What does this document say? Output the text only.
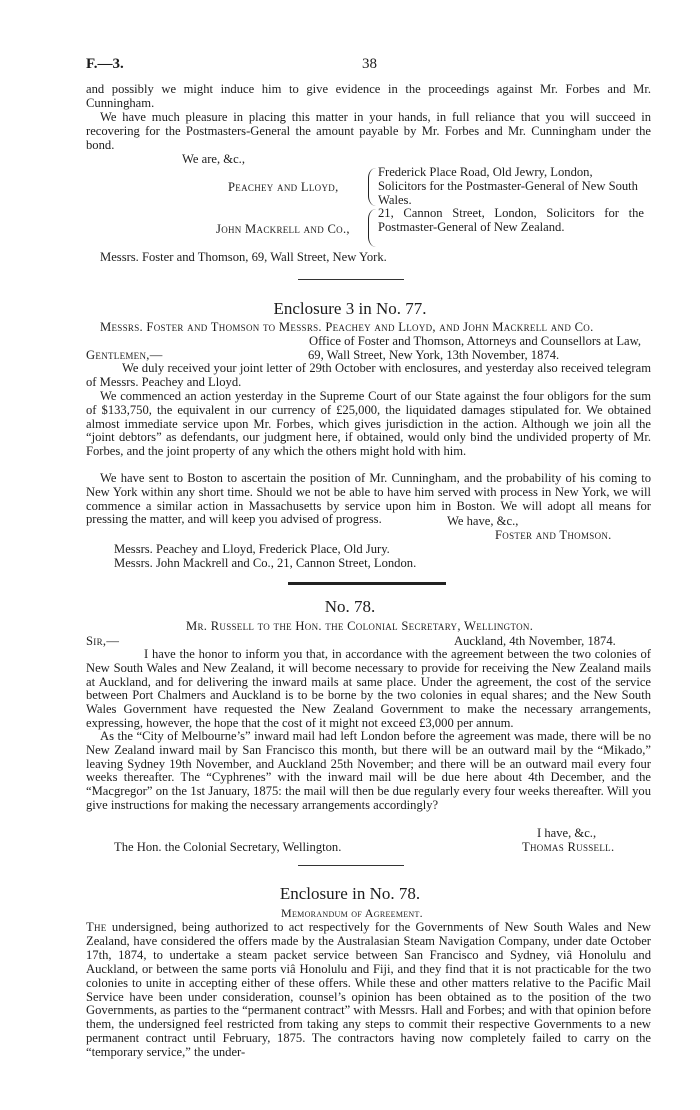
F.—3.	38
and possibly we might induce him to give evidence in the proceedings against Mr. Forbes and Mr. Cunningham.
We have much pleasure in placing this matter in your hands, in full reliance that you will succeed in recovering for the Postmasters-General the amount payable by Mr. Forbes and Mr. Cunningham under the bond.
We are, &c.,
Peachey and Lloyd,
Frederick Place Road, Old Jewry, London, Solicitors for the Postmaster-General of New South Wales.
John Mackrell and Co.,
21, Cannon Street, London, Solicitors for the Postmaster-General of New Zealand.
Messrs. Foster and Thomson, 69, Wall Street, New York.
Enclosure 3 in No. 77.
Messrs. Foster and Thomson to Messrs. Peachey and Lloyd, and John Mackrell and Co.
Office of Foster and Thomson, Attorneys and Counsellors at Law,
Gentlemen,—	69, Wall Street, New York, 13th November, 1874.
We duly received your joint letter of 29th October with enclosures, and yesterday also received telegram of Messrs. Peachey and Lloyd.
We commenced an action yesterday in the Supreme Court of our State against the four obligors for the sum of $133,750, the equivalent in our currency of £25,000, the liquidated damages stipulated for. We obtained almost immediate service upon Mr. Forbes, which gives jurisdiction in the action. Although we join all the “joint debtors” as defendants, our judgment here, if obtained, would only bind the undivided property of Mr. Forbes, and the joint property of any which the others might hold with him.
We have sent to Boston to ascertain the position of Mr. Cunningham, and the probability of his coming to New York within any short time. Should we not be able to have him served with process in New York, we will commence a similar action in Massachusetts by service upon him in Boston. We will adopt all means for pressing the matter, and will keep you advised of progress.	We have, &c.,
Foster and Thomson.
Messrs. Peachey and Lloyd, Frederick Place, Old Jury.
Messrs. John Mackrell and Co., 21, Cannon Street, London.
No. 78.
Mr. Russell to the Hon. the Colonial Secretary, Wellington.
Sir,—	Auckland, 4th November, 1874.
I have the honor to inform you that, in accordance with the agreement between the two colonies of New South Wales and New Zealand, it will become necessary to provide for receiving the New Zealand mails at Auckland, and for delivering the inward mails at same place. Under the agreement, the cost of the service between Port Chalmers and Auckland is to be borne by the two colonies in equal shares; and the New South Wales Government have requested the New Zealand Government to make the necessary arrangements, expressing, however, the hope that the cost of it might not exceed £3,000 per annum.
As the “City of Melbourne’s” inward mail had left London before the agreement was made, there will be no New Zealand inward mail by San Francisco this month, but there will be an outward mail by the “Mikado,” leaving Sydney 19th November, and Auckland 25th November; and there will be an outward mail every four weeks thereafter. The “Cyphrenes” with the inward mail will be due here about 4th December, and the “Macgregor” on the 1st January, 1875: the mail will then be due regularly every four weeks thereafter. Will you give instructions for making the necessary arrangements accordingly?
I have, &c.,
The Hon. the Colonial Secretary, Wellington.	Thomas Russell.
Enclosure in No. 78.
Memorandum of Agreement.
The undersigned, being authorized to act respectively for the Governments of New South Wales and New Zealand, have considered the offers made by the Australasian Steam Navigation Company, under date October 17th, 1874, to undertake a steam packet service between San Francisco and Sydney, viâ Honolulu and Auckland, or between the same ports viâ Honolulu and Fiji, and they find that it is not practicable for the two colonies to unite in accepting either of these offers. While these and other matters relative to the Pacific Mail Service have been under consideration, counsel’s opinion has been obtained as to the position of the two Governments, as parties to the “permanent contract” with Messrs. Hall and Forbes; and with that opinion before them, the undersigned feel restricted from taking any steps to commit their respective Governments to a new permanent contract until February, 1875. The contractors having now completely failed to carry on the “temporary service,” the under-
